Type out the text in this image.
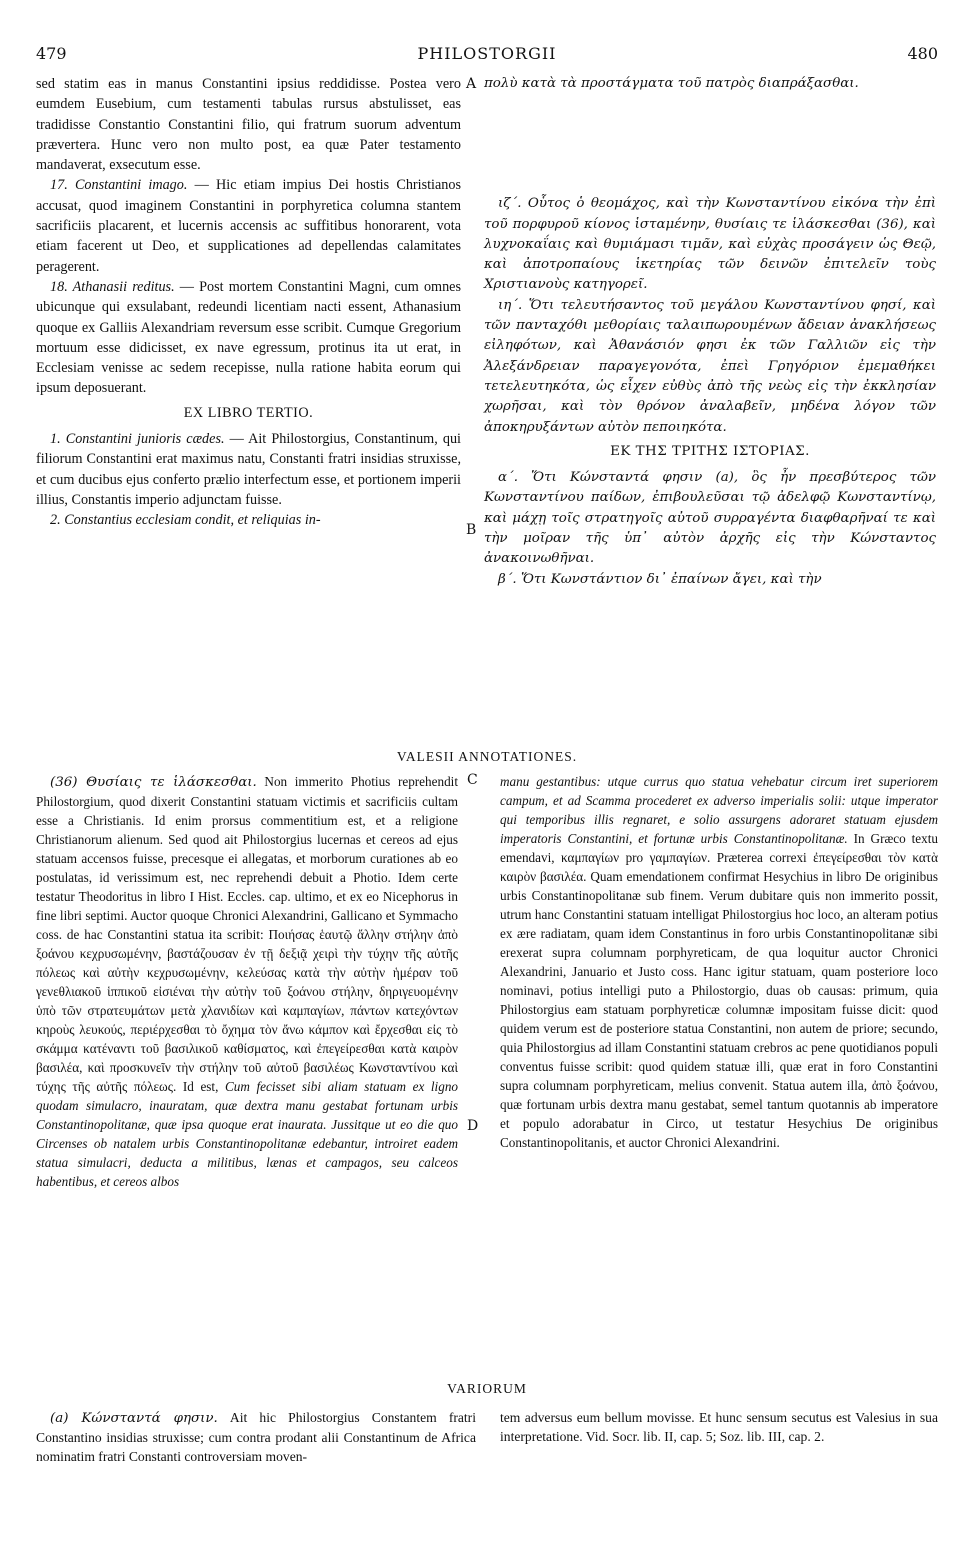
479	PHILOSTORGII	480

sed statim eas in manus Constantini ipsius reddidisse. Postea vero eumdem Eusebium, cum testamenti tabulas rursus abstulisset, eas tradidisse Constantio Constantini filio, qui fratrum suorum adventum prævertera. Hunc vero non multo post, ea quæ Pater testamento mandaverat, exsecutum esse.

17. Constantini imago. — Hic etiam impius Dei hostis Christianos accusat, quod imaginem Constantini in porphyretica columna stantem sacrificiis placarent, et lucernis accensis ac suffitibus honorarent, vota etiam facerent ut Deo, et supplicationes ad depellendas calamitates peragerent.

18. Athanasii reditus. — Post mortem Constantini Magni, cum omnes ubicunque qui exsulabant, redeundi licentiam nacti essent, Athanasium quoque ex Galliis Alexandriam reversum esse scribit. Cumque Gregorium mortuum esse didicisset, ex nave egressum, protinus ita ut erat, in Ecclesiam venisse ac sedem recepisse, nulla ratione habita eorum qui ipsum deposuerant.

EX LIBRO TERTIO.

1. Constantini junioris cædes. — Ait Philostorgius, Constantinum, qui filiorum Constantini erat maximus natu, Constanti fratri insidias struxisse, et cum ducibus ejus conferto prælio interfectum esse, et portionem imperii illius, Constantis imperio adjunctam fuisse.

2. Constantius ecclesiam condit, et reliquias in-

A
B

πολὺ κατὰ τὰ προστάγματα τοῦ πατρὸς διαπράξασθαι.

ιζ΄. Οὗτος ὁ θεομάχος, καὶ τὴν Κωνσταντίνου εἰκόνα τὴν ἐπὶ τοῦ πορφυροῦ κίονος ἱσταμένην, θυσίαις τε ἱλάσκεσθαι (36), καὶ λυχνοκαΐαις καὶ θυμιάμασι τιμᾶν, καὶ εὐχὰς προσάγειν ὡς Θεῷ, καὶ ἀποτροπαίους ἱκετηρίας τῶν δεινῶν ἐπιτελεῖν τοὺς Χριστιανοὺς κατηγορεῖ.

ιη΄. Ὅτι τελευτήσαντος τοῦ μεγάλου Κωνσταντίνου φησί, καὶ τῶν πανταχόθι μεθορίαις ταλαιπωρουμένων ἄδειαν ἀνακλήσεως εἰληφότων, καὶ Ἀθανάσιόν φησι ἐκ τῶν Γαλλιῶν εἰς τὴν Ἀλεξάνδρειαν παραγεγονότα, ἐπεὶ Γρηγόριον ἐμεμαθήκει τετελευτηκότα, ὡς εἶχεν εὐθὺς ἀπὸ τῆς νεὼς εἰς τὴν ἐκκλησίαν χωρῆσαι, καὶ τὸν θρόνον ἀναλαβεῖν, μηδένα λόγον τῶν ἀποκηρυξάντων αὐτὸν πεποιηκότα.

ΕΚ ΤΗΣ ΤΡΙΤΗΣ ΙΣΤΟΡΙΑΣ.

α΄. Ὅτι Κώνσταντά φησιν (a), ὃς ἦν πρεσβύτερος τῶν Κωνσταντίνου παίδων, ἐπιβουλεῦσαι τῷ ἀδελφῷ Κωνσταντίνῳ, καὶ μάχῃ τοῖς στρατηγοῖς αὐτοῦ συρραγέντα διαφθαρῆναί τε καὶ τὴν μοῖραν τῆς ὑπ᾽ αὐτὸν ἀρχῆς εἰς τὴν Κώνσταντος ἀνακοινωθῆναι.

β΄. Ὅτι Κωνστάντιον δι᾽ ἐπαίνων ἄγει, καὶ τὴν

VALESII ANNOTATIONES.
C
D

(36) Θυσίαις τε ἱλάσκεσθαι. Non immerito Photius reprehendit Philostorgium, quod dixerit Constantini statuam victimis et sacrificiis cultam esse a Christianis. Id enim prorsus commentitium est, et a religione Christianorum alienum. Sed quod ait Philostorgius lucernas et cereos ad ejus statuam accensos fuisse, precesque ei allegatas, et morborum curationes ab eo postulatas, id verissimum est, nec reprehendi debuit a Photio. Idem certe testatur Theodoritus in libro I Hist. Eccles. cap. ultimo, et ex eo Nicephorus in fine libri septimi. Auctor quoque Chronici Alexandrini, Gallicano et Symmacho coss. de hac Constantini statua ita scribit: Ποιήσας ἑαυτῷ ἄλλην στήλην ἀπὸ ξοάνου κεχρυσωμένην, βαστάζουσαν ἐν τῇ δεξιᾷ χειρὶ τὴν τύχην τῆς αὐτῆς πόλεως καὶ αὐτὴν κεχρυσωμένην, κελεύσας κατὰ τὴν αὐτὴν ἡμέραν τοῦ γενεθλιακοῦ ἱππικοῦ εἰσιέναι τὴν αὐτὴν τοῦ ξοάνου στήλην, δηριγευομένην ὑπὸ τῶν στρατευμάτων μετὰ χλανιδίων καὶ καμπαγίων, πάντων κατεχόντων κηροὺς λευκούς, περιέρχεσθαι τὸ ὄχημα τὸν ἄνω κάμπον καὶ ἔρχεσθαι εἰς τὸ σκάμμα κατέναντι τοῦ βασιλικοῦ καθίσματος, καὶ ἐπεγείρεσθαι κατὰ καιρὸν βασιλέα, καὶ προσκυνεῖν τὴν στήλην τοῦ αὐτοῦ βασιλέως Κωνσταντίνου καὶ τύχης τῆς αὐτῆς πόλεως. Id est, Cum fecisset sibi aliam statuam ex ligno quodam simulacro, inauratam, quæ dextra manu gestabat fortunam urbis Constantinopolitanæ, quæ ipsa quoque erat inaurata. Jussitque ut eo die quo Circenses ob natalem urbis Constantinopolitanæ edebantur, introiret eadem statua simulacri, deducta a militibus, lænas et campagos, seu calceos habentibus, et cereos albos

manu gestantibus: utque currus quo statua vehebatur circum iret superiorem campum, et ad Scamma procederet ex adverso imperialis solii: utque imperator qui temporibus illis regnaret, e solio assurgens adoraret statuam ejusdem imperatoris Constantini, et fortunæ urbis Constantinopolitanæ. In Græco textu emendavi, καμπαγίων pro γαμπαγίων. Præterea correxi ἐπεγείρεσθαι τὸν κατὰ καιρὸν βασιλέα. Quam emendationem confirmat Hesychius in libro De originibus urbis Constantinopolitanæ sub finem. Verum dubitare quis non immerito possit, utrum hanc Constantini statuam intelligat Philostorgius hoc loco, an alteram potius ex ære radiatam, quam idem Constantinus in foro urbis Constantinopolitanæ sibi erexerat supra columnam porphyreticam, de qua loquitur auctor Chronici Alexandrini, Januario et Justo coss. Hanc igitur statuam, quam posteriore loco nominavi, potius intelligi puto a Philostorgio, duas ob causas: primum, quia Philostorgius eam statuam porphyreticæ columnæ impositam fuisse dicit: quod quidem verum est de posteriore statua Constantini, non autem de priore; secundo, quia Philostorgius ad illam Constantini statuam crebros ac pene quotidianos populi conventus fuisse scribit: quod quidem statuæ illi, quæ erat in foro Constantini supra columnam porphyreticam, melius convenit. Statua autem illa, ἀπὸ ξοάνου, quæ fortunam urbis dextra manu gestabat, semel tantum quotannis ab imperatore et populo adorabatur in Circo, ut testatur Hesychius De originibus Constantinopolitanis, et auctor Chronici Alexandrini.

VARIORUM

(a) Κώνσταντά φησιν. Ait hic Philostorgius Constantem fratri Constantino insidias struxisse; cum contra prodant alii Constantinum de Africa nominatim fratri Constanti controversiam moven-

tem adversus eum bellum movisse. Et hunc sensum secutus est Valesius in sua interpretatione. Vid. Socr. lib. II, cap. 5; Soz. lib. III, cap. 2.
